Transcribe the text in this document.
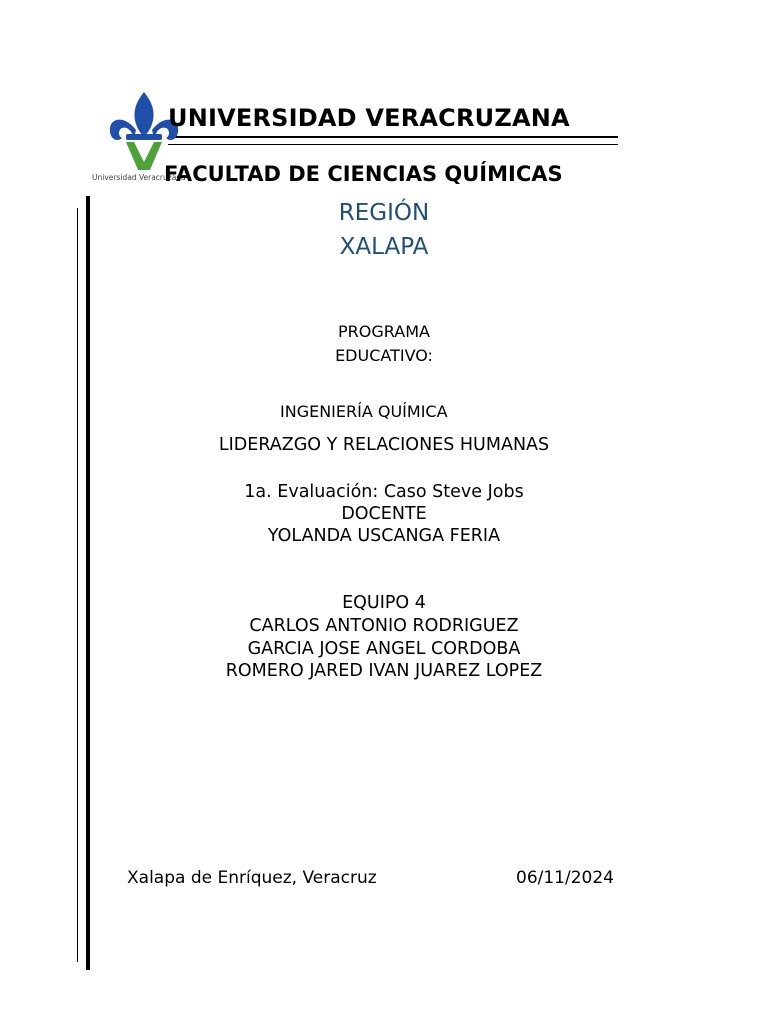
Universidad Veracruzana
UNIVERSIDAD VERACRUZANA
FACULTAD DE CIENCIAS QUÍMICAS
REGIÓN
XALAPA
PROGRAMA
EDUCATIVO:
INGENIERÍA QUÍMICA
LIDERAZGO Y RELACIONES HUMANAS
1a. Evaluación: Caso Steve Jobs
DOCENTE
YOLANDA USCANGA FERIA
EQUIPO 4
CARLOS ANTONIO RODRIGUEZ
GARCIA JOSE ANGEL CORDOBA
ROMERO JARED IVAN JUAREZ LOPEZ
Xalapa de Enríquez, Veracruz	06/11/2024
